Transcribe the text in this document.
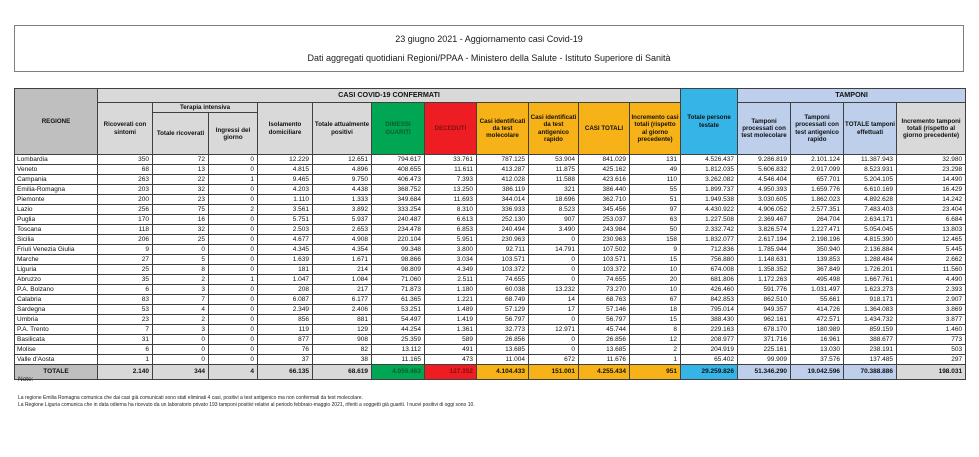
23 giugno 2021 - Aggiornamento casi Covid-19
Dati aggregati quotidiani Regioni/PPAA - Ministero della Salute - Istituto Superiore di Sanità
REGIONE	CASI COVID-19 CONFERMATI											Totale persone testate	TAMPONI			
	Ricoverati con sintomi	Terapia intensiva		Isolamento domiciliare	Totale attualmente positivi	DIMESSI GUARITI	DECEDUTI	Casi identificati da test molecolare	Casi identificati da test antigenico rapido	CASI TOTALI	Incremento casi totali (rispetto al giorno precedente)		Tamponi processati con test molecolare	Tamponi processati con test antigenico rapido	TOTALE tamponi effettuati	Incremento tamponi totali (rispetto al giorno precedente)
		Totale ricoverati	Ingressi del giorno													
Lombardia	350	72	0	12.229	12.651	794.617	33.761	787.125	53.904	841.029	131	4.526.437	9.286.819	2.101.124	11.387.943	32.980
Veneto	68	13	0	4.815	4.896	408.655	11.611	413.287	11.875	425.162	49	1.812.035	5.606.832	2.917.099	8.523.931	23.298
Campania	263	22	1	9.465	9.750	406.473	7.393	412.028	11.588	423.616	110	3.262.082	4.546.404	657.701	5.204.105	14.490
Emilia-Romagna	203	32	0	4.203	4.438	368.752	13.250	386.119	321	386.440	55	1.899.737	4.950.393	1.659.776	6.610.169	16.429
Piemonte	200	23	0	1.110	1.333	349.684	11.693	344.014	18.696	362.710	51	1.949.538	3.030.605	1.862.023	4.892.628	14.242
Lazio	256	75	2	3.561	3.892	333.254	8.310	336.933	8.523	345.456	97	4.430.922	4.906.052	2.577.351	7.483.403	23.404
Puglia	170	16	0	5.751	5.937	240.487	6.613	252.130	907	253.037	63	1.227.508	2.369.467	264.704	2.634.171	6.684
Toscana	118	32	0	2.503	2.653	234.478	6.853	240.494	3.490	243.984	50	2.332.742	3.826.574	1.227.471	5.054.045	13.803
Sicilia	206	25	0	4.677	4.908	220.104	5.951	230.963	0	230.963	158	1.832.077	2.617.194	2.198.196	4.815.390	12.465
Friuli Venezia Giulia	9	0	0	4.345	4.354	99.348	3.800	92.711	14.791	107.502	9	712.836	1.785.944	350.940	2.136.884	5.445
Marche	27	5	0	1.639	1.671	98.866	3.034	103.571	0	103.571	15	756.880	1.148.631	139.853	1.288.484	2.662
Liguria	25	8	0	181	214	98.809	4.349	103.372	0	103.372	10	674.008	1.358.352	367.849	1.726.201	11.560
Abruzzo	35	2	1	1.047	1.084	71.060	2.511	74.655	0	74.655	20	681.806	1.172.263	495.498	1.667.761	4.490
P.A. Bolzano	6	3	0	208	217	71.873	1.180	60.038	13.232	73.270	10	426.460	591.776	1.031.497	1.623.273	2.393
Calabria	83	7	0	6.087	6.177	61.365	1.221	68.749	14	68.763	67	842.853	862.510	55.661	918.171	2.907
Sardegna	53	4	0	2.349	2.406	53.251	1.489	57.129	17	57.146	18	795.014	949.357	414.726	1.364.083	3.869
Umbria	23	2	0	856	881	54.497	1.419	56.797	0	56.797	15	388.430	962.161	472.571	1.434.732	3.877
P.A. Trento	7	3	0	119	129	44.254	1.361	32.773	12.971	45.744	8	229.163	678.170	180.989	859.159	1.460
Basilicata	31	0	0	877	908	25.359	589	26.856	0	26.856	12	208.977	371.716	16.961	388.677	773
Molise	6	0	0	76	82	13.112	491	13.685	0	13.685	2	204.919	225.161	13.030	238.191	503
Valle d'Aosta	1	0	0	37	38	11.165	473	11.004	672	11.676	1	65.402	99.909	37.576	137.485	297
TOTALE	2.140	344	4	66.135	68.619	4.059.463	127.352	4.104.433	151.001	4.255.434	951	29.259.826	51.346.290	19.042.596	70.388.886	198.031
Note:
La regione Emilia Romagna comunica che dai casi già comunicati sono stati eliminati 4 casi, positivi a test antigenico ma non confermati da test molecolare.
La Regione Liguria comunica che in data odierna ha ricevuto da un laboratorio privato 193 tamponi positivi relativi al periodo febbraio-maggio 2021, riferiti a soggetti già guariti. I nuovi positivi di oggi sono 10.
